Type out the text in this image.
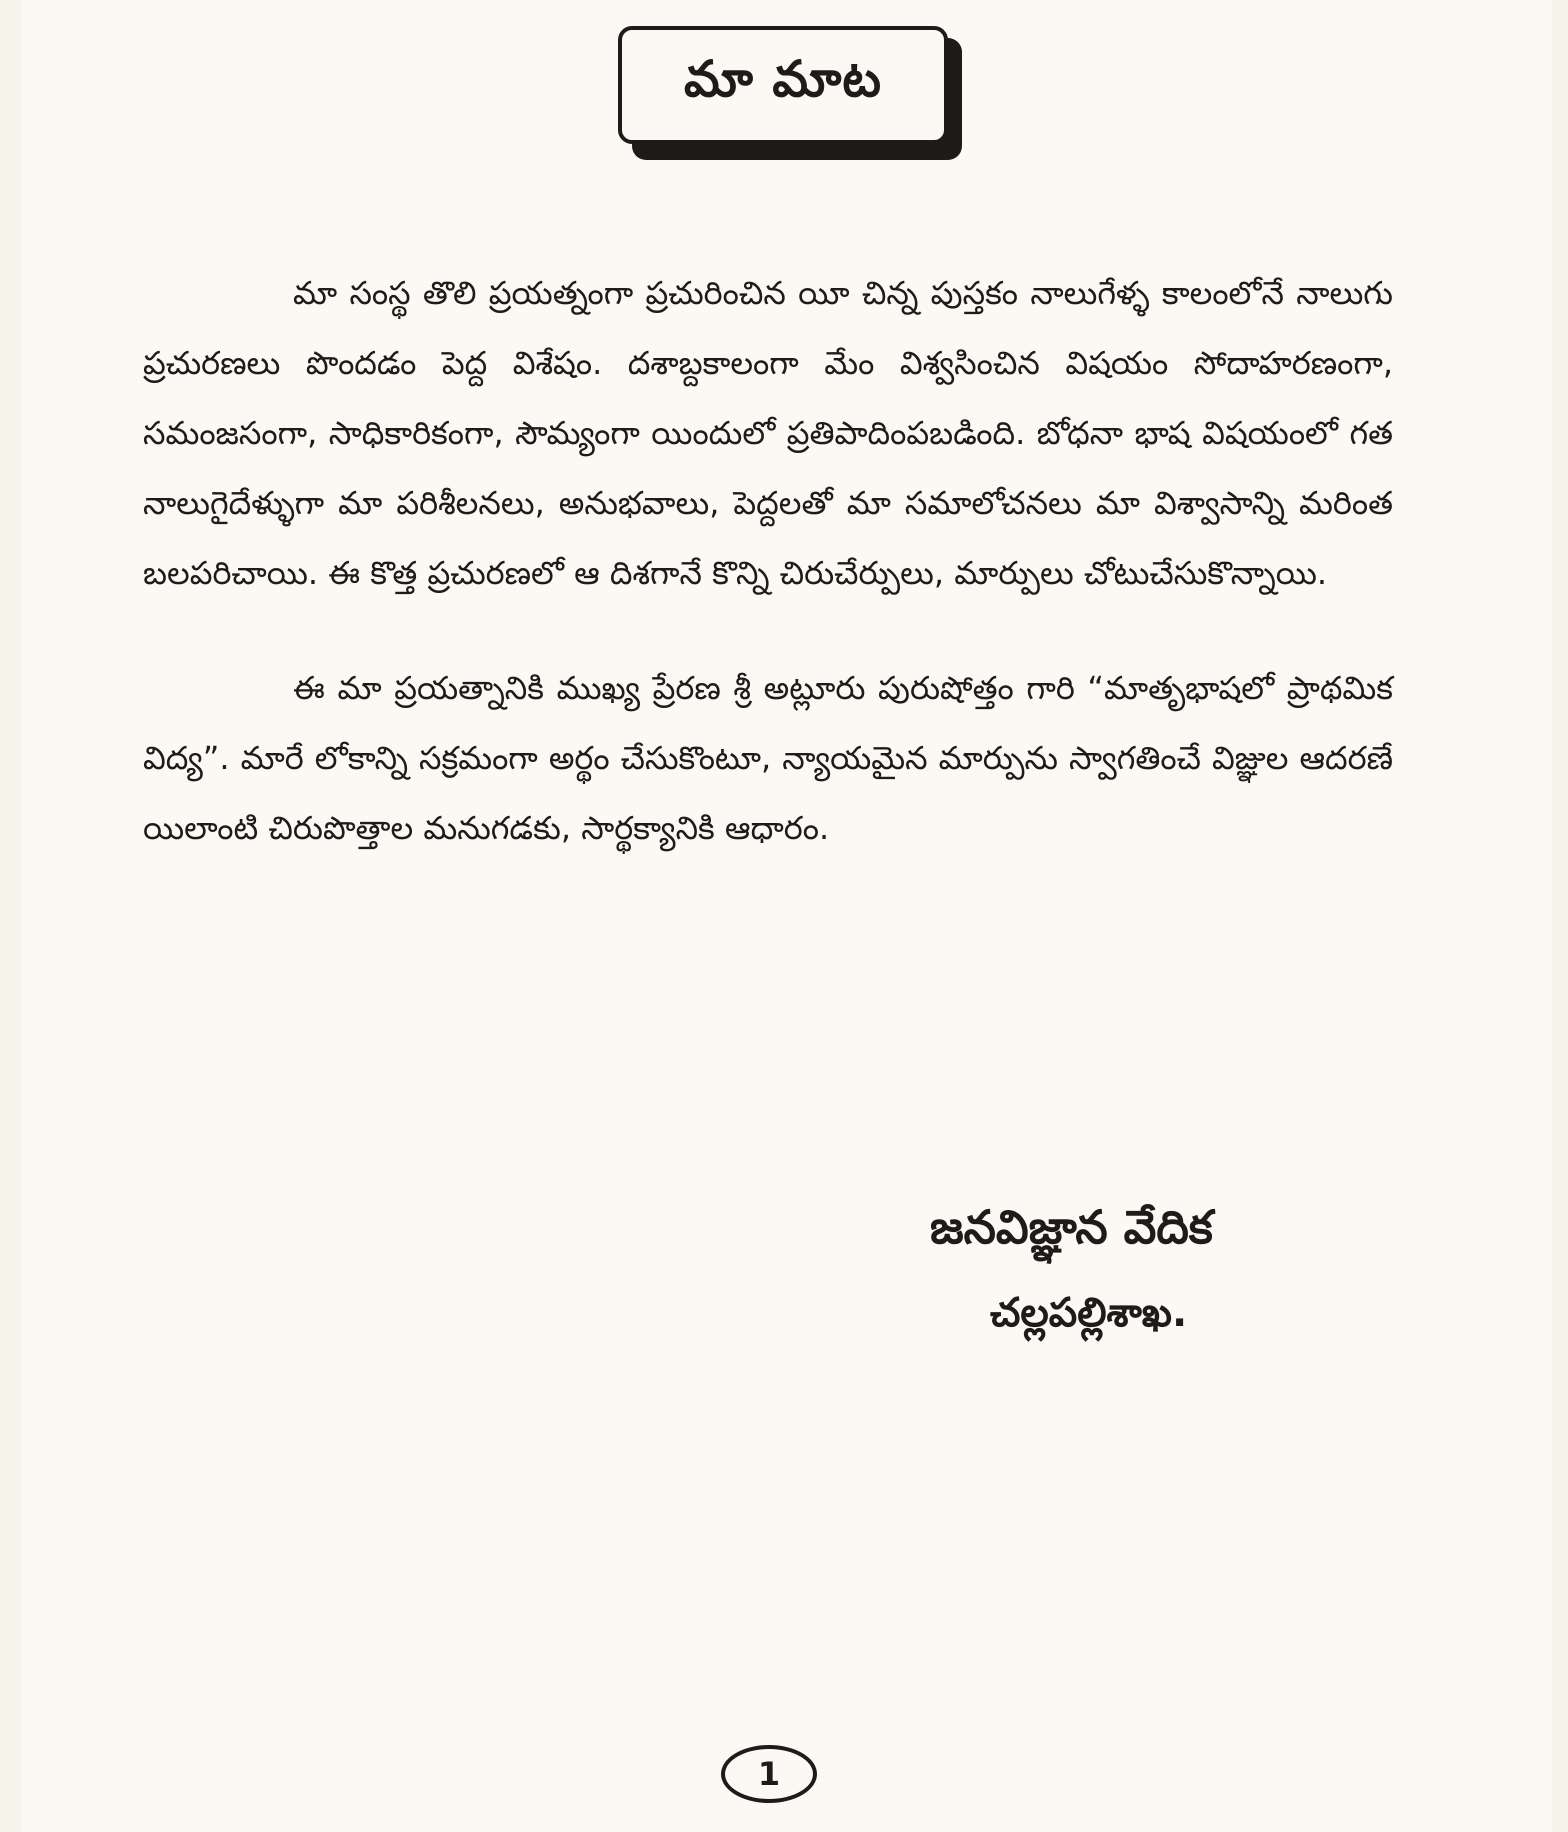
మా మాట

మా సంస్థ తొలి ప్రయత్నంగా ప్రచురించిన యీ చిన్న పుస్తకం నాలుగేళ్ళ కాలంలోనే నాలుగు ప్రచురణలు పొందడం పెద్ద విశేషం. దశాబ్దకాలంగా మేం విశ్వసించిన విషయం సోదాహరణంగా, సమంజసంగా, సాధికారికంగా, సౌమ్యంగా యిందులో ప్రతిపాదింపబడింది. బోధనా భాష విషయంలో గత నాలుగైదేళ్ళుగా మా పరిశీలనలు, అనుభవాలు, పెద్దలతో మా సమాలోచనలు మా విశ్వాసాన్ని మరింత బలపరిచాయి. ఈ కొత్త ప్రచురణలో ఆ దిశగానే కొన్ని చిరుచేర్పులు, మార్పులు చోటుచేసుకొన్నాయి.

ఈ మా ప్రయత్నానికి ముఖ్య ప్రేరణ శ్రీ అట్లూరు పురుషోత్తం గారి “మాతృభాషలో ప్రాథమిక విద్య”. మారే లోకాన్ని సక్రమంగా అర్థం చేసుకొంటూ, న్యాయమైన మార్పును స్వాగతించే విజ్ఞుల ఆదరణే యిలాంటి చిరుపొత్తాల మనుగడకు, సార్థక్యానికి ఆధారం.

జనవిజ్ఞాన వేదిక
చల్లపల్లిశాఖ.
1
